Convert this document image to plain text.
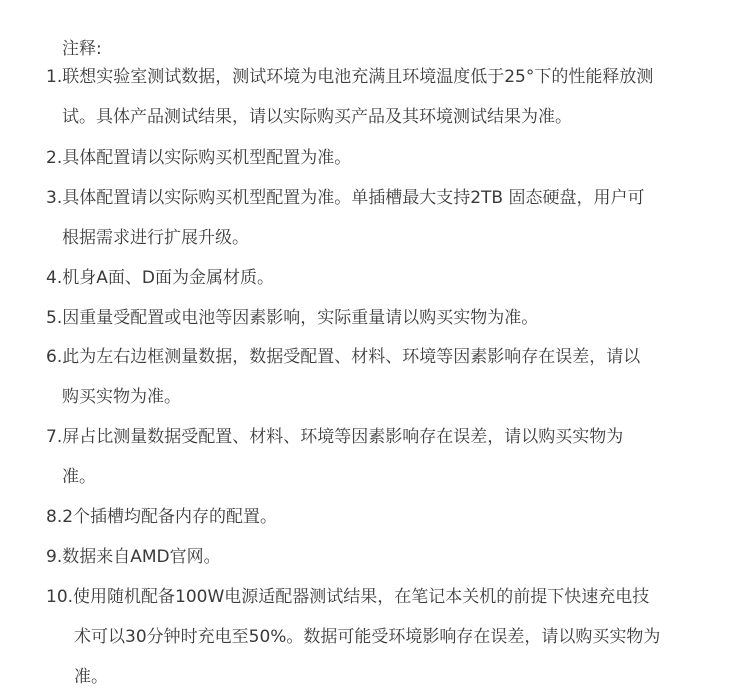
注释:
1.联想实验室测试数据，测试环境为电池充满且环境温度低于25°下的性能释放测
试。具体产品测试结果，请以实际购买产品及其环境测试结果为准。
2.具体配置请以实际购买机型配置为准。
3.具体配置请以实际购买机型配置为准。单插槽最大支持2TB 固态硬盘，用户可
根据需求进行扩展升级。
4.机身A面、D面为金属材质。
5.因重量受配置或电池等因素影响，实际重量请以购买实物为准。
6.此为左右边框测量数据，数据受配置、材料、环境等因素影响存在误差，请以
购买实物为准。
7.屏占比测量数据受配置、材料、环境等因素影响存在误差，请以购买实物为
准。
8.2个插槽均配备内存的配置。
9.数据来自AMD官网。
10.使用随机配备100W电源适配器测试结果，在笔记本关机的前提下快速充电技
术可以30分钟时充电至50%。数据可能受环境影响存在误差，请以购买实物为
准。
